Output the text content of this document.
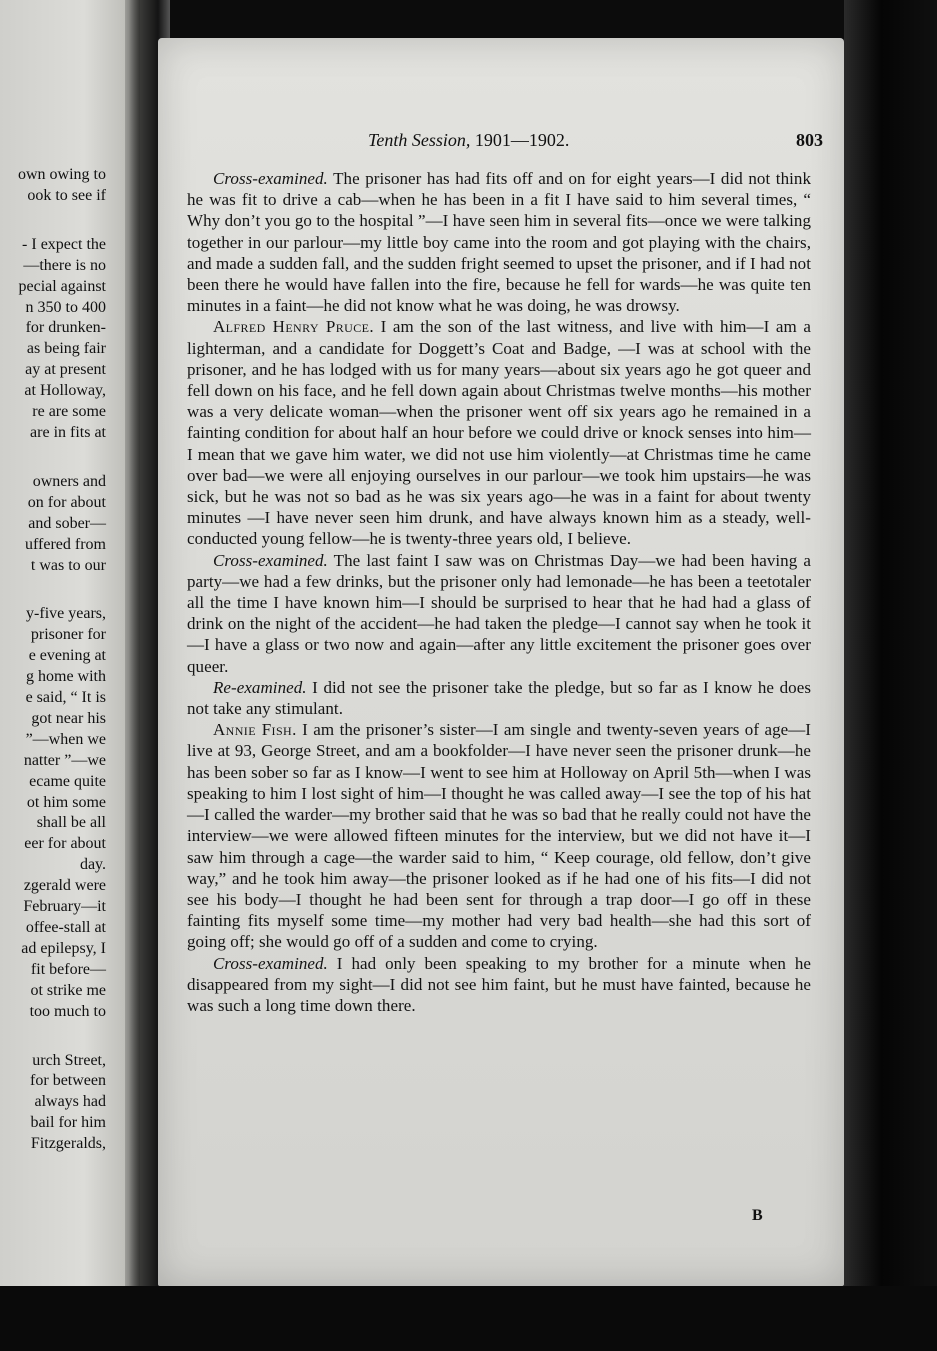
own owing to
ook to see if
- I expect the
—there is no
pecial against
n 350 to 400
for drunken-
as being fair
ay at present
at Holloway,
re are some
are in fits at
owners and
on for about
and sober—
uffered from
t was to our
y-five years,
prisoner for
e evening at
g home with
e said, “ It is
got near his
”—when we
natter ”—we
ecame quite
ot him some
shall be all
eer for about
day.
zgerald were
February—it
offee-stall at
ad epilepsy, I
fit before—
ot strike me
too much to
urch Street,
for between
always had
bail for him
Fitzgeralds,
Tenth Session, 1901—1902.	803

Cross-examined. The prisoner has had fits off and on for eight years—I did not think he was fit to drive a cab—when he has been in a fit I have said to him several times, “ Why don’t you go to the hospital ”—I have seen him in several fits—once we were talking together in our parlour—my little boy came into the room and got playing with the chairs, and made a sudden fall, and the sudden fright seemed to upset the prisoner, and if I had not been there he would have fallen into the fire, because he fell for wards—he was quite ten minutes in a faint—he did not know what he was doing, he was drowsy.

Alfred Henry Pruce. I am the son of the last witness, and live with him—I am a lighterman, and a candidate for Doggett’s Coat and Badge, —I was at school with the prisoner, and he has lodged with us for many years—about six years ago he got queer and fell down on his face, and he fell down again about Christmas twelve months—his mother was a very delicate woman—when the prisoner went off six years ago he remained in a fainting condition for about half an hour before we could drive or knock senses into him—I mean that we gave him water, we did not use him violently—at Christmas time he came over bad—we were all enjoying ourselves in our parlour—we took him upstairs—he was sick, but he was not so bad as he was six years ago—he was in a faint for about twenty minutes —I have never seen him drunk, and have always known him as a steady, well-conducted young fellow—he is twenty-three years old, I believe.

Cross-examined. The last faint I saw was on Christmas Day—we had been having a party—we had a few drinks, but the prisoner only had lemonade—he has been a teetotaler all the time I have known him—I should be surprised to hear that he had had a glass of drink on the night of the accident—he had taken the pledge—I cannot say when he took it —I have a glass or two now and again—after any little excitement the prisoner goes over queer.

Re-examined. I did not see the prisoner take the pledge, but so far as I know he does not take any stimulant.

Annie Fish. I am the prisoner’s sister—I am single and twenty-seven years of age—I live at 93, George Street, and am a bookfolder—I have never seen the prisoner drunk—he has been sober so far as I know—I went to see him at Holloway on April 5th—when I was speaking to him I lost sight of him—I thought he was called away—I see the top of his hat—I called the warder—my brother said that he was so bad that he really could not have the interview—we were allowed fifteen minutes for the interview, but we did not have it—I saw him through a cage—the warder said to him, “ Keep courage, old fellow, don’t give way,” and he took him away—the prisoner looked as if he had one of his fits—I did not see his body—I thought he had been sent for through a trap door—I go off in these fainting fits myself some time—my mother had very bad health—she had this sort of going off; she would go off of a sudden and come to crying.

Cross-examined. I had only been speaking to my brother for a minute when he disappeared from my sight—I did not see him faint, but he must have fainted, because he was such a long time down there.

B
